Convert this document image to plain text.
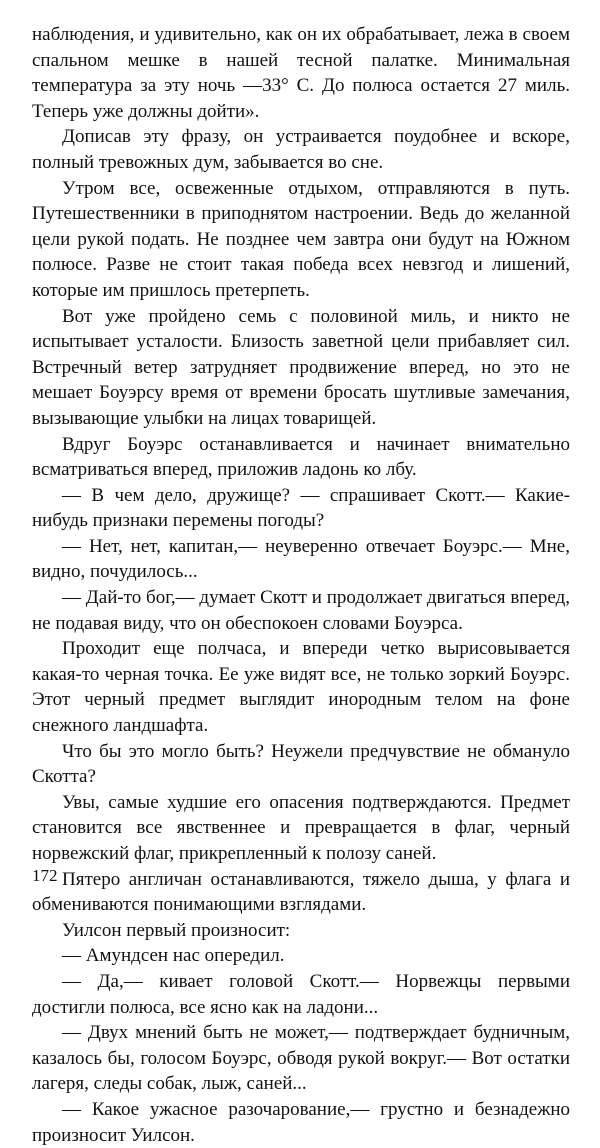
наблюдения, и удивительно, как он их обрабатывает, лежа в своем спальном мешке в нашей тесной палатке. Минимальная температура за эту ночь —33° С. До полюса остается 27 миль. Теперь уже должны дойти».

Дописав эту фразу, он устраивается поудобнее и вскоре, полный тревожных дум, забывается во сне.

Утром все, освеженные отдыхом, отправляются в путь. Путешественники в приподнятом настроении. Ведь до желанной цели рукой подать. Не позднее чем завтра они будут на Южном полюсе. Разве не стоит такая победа всех невзгод и лишений, которые им пришлось претерпеть.

Вот уже пройдено семь с половиной миль, и никто не испытывает усталости. Близость заветной цели прибавляет сил. Встречный ветер затрудняет продвижение вперед, но это не мешает Боуэрсу время от времени бросать шутливые замечания, вызывающие улыбки на лицах товарищей.

Вдруг Боуэрс останавливается и начинает внимательно всматриваться вперед, приложив ладонь ко лбу.

— В чем дело, дружище? — спрашивает Скотт.— Какие-нибудь признаки перемены погоды?

— Нет, нет, капитан,— неуверенно отвечает Боуэрс.— Мне, видно, почудилось...

— Дай-то бог,— думает Скотт и продолжает двигаться вперед, не подавая виду, что он обеспокоен словами Боуэрса.

Проходит еще полчаса, и впереди четко вырисовывается какая-то черная точка. Ее уже видят все, не только зоркий Боуэрс. Этот черный предмет выглядит инородным телом на фоне снежного ландшафта.

Что бы это могло быть? Неужели предчувствие не обмануло Скотта?

Увы, самые худшие его опасения подтверждаются. Предмет становится все явственнее и превращается в флаг, черный норвежский флаг, прикрепленный к полозу саней.

Пятеро англичан останавливаются, тяжело дыша, у флага и обмениваются понимающими взглядами.

Уилсон первый произносит:

— Амундсен нас опередил.

— Да,— кивает головой Скотт.— Норвежцы первыми достигли полюса, все ясно как на ладони...

— Двух мнений быть не может,— подтверждает будничным, казалось бы, голосом Боуэрс, обводя рукой вокруг.— Вот остатки лагеря, следы собак, лыж, саней...

— Какое ужасное разочарование,— грустно и безнадежно произносит Уилсон.

172
